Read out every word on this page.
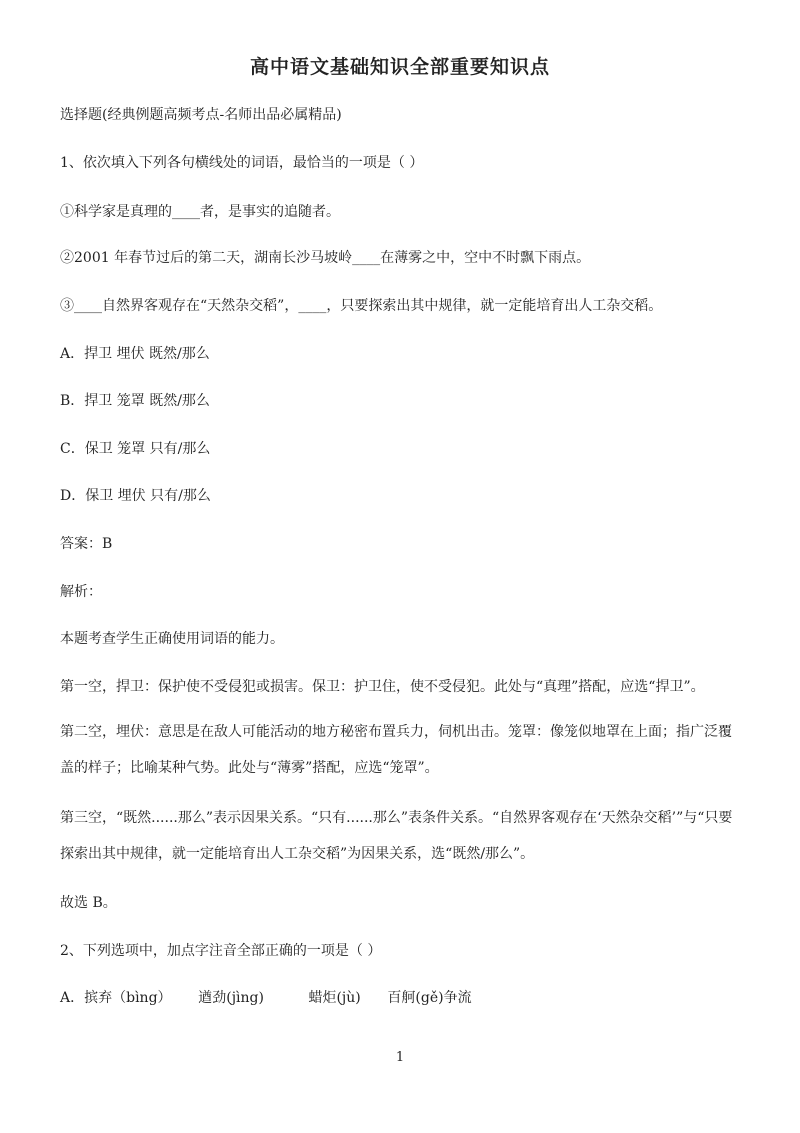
高中语文基础知识全部重要知识点
选择题(经典例题高频考点-名师出品必属精品)
1、依次填入下列各句横线处的词语，最恰当的一项是（ ）
①科学家是真理的____者，是事实的追随者。
②2001 年春节过后的第二天，湖南长沙马坡岭____在薄雾之中，空中不时飘下雨点。
③____自然界客观存在“天然杂交稻”，____，只要探索出其中规律，就一定能培育出人工杂交稻。
A．捍卫 埋伏 既然/那么
B．捍卫 笼罩 既然/那么
C．保卫 笼罩 只有/那么
D．保卫 埋伏 只有/那么
答案：B
解析：
本题考查学生正确使用词语的能力。
第一空，捍卫：保护使不受侵犯或损害。保卫：护卫住，使不受侵犯。此处与“真理”搭配，应选“捍卫”。
第二空，埋伏：意思是在敌人可能活动的地方秘密布置兵力，伺机出击。笼罩：像笼似地罩在上面；指广泛覆盖的样子；比喻某种气势。此处与“薄雾”搭配，应选“笼罩”。
第三空，“既然......那么”表示因果关系。“只有......那么”表条件关系。“自然界客观存在‘天然杂交稻’”与“只要探索出其中规律，就一定能培育出人工杂交稻”为因果关系，选“既然/那么”。
故选 B。
2、下列选项中，加点字注音全部正确的一项是（ ）
A．摈弃（bìng）      遒劲(jìng)          蜡炬(jù)      百舸(gě)争流
1
